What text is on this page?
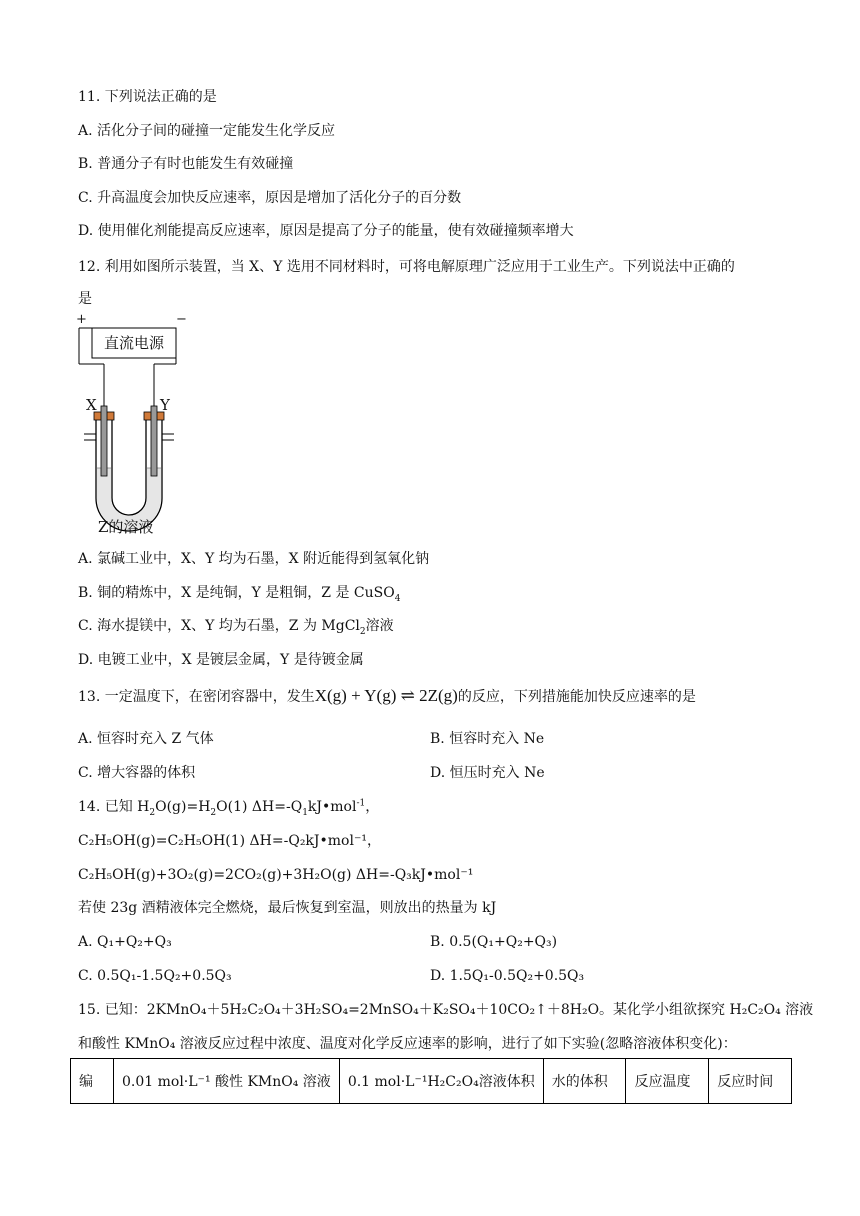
11. 下列说法正确的是
A. 活化分子间的碰撞一定能发生化学反应
B. 普通分子有时也能发生有效碰撞
C. 升高温度会加快反应速率，原因是增加了活化分子的百分数
D. 使用催化剂能提高反应速率，原因是提高了分子的能量，使有效碰撞频率增大
12. 利用如图所示装置，当 X、Y 选用不同材料时，可将电解原理广泛应用于工业生产。下列说法中正确的
是
直流电源
+	−
X	Y
Z的溶液
A. 氯碱工业中，X、Y 均为石墨，X 附近能得到氢氧化钠
B. 铜的精炼中，X 是纯铜，Y 是粗铜，Z 是 CuSO$_4$
C. 海水提镁中，X、Y 均为石墨，Z 为 MgCl$_2$溶液
D. 电镀工业中，X 是镀层金属，Y 是待镀金属
13. 一定温度下，在密闭容器中，发生X(g) + Y(g) ⇌ 2Z(g)的反应，下列措施能加快反应速率的是
A. 恒容时充入 Z 气体	B. 恒容时充入 Ne
C. 增大容器的体积	D. 恒压时充入 Ne
14. 已知 $H_2O(g)=H_2O(1)$ $\Delta H=-Q_1kJ•mol^{-1}$，
C₂H₅OH(g)=C₂H₅OH(1) ΔH=-Q₂kJ•mol⁻¹，
C₂H₅OH(g)+3O₂(g)=2CO₂(g)+3H₂O(g) ΔH=-Q₃kJ•mol⁻¹
若使 23g 酒精液体完全燃烧，最后恢复到室温，则放出的热量为 kJ
A. Q₁+Q₂+Q₃	B. 0.5(Q₁+Q₂+Q₃)
C. 0.5Q₁-1.5Q₂+0.5Q₃	D. 1.5Q₁-0.5Q₂+0.5Q₃
15. 已知：2KMnO₄＋5H₂C₂O₄＋3H₂SO₄=2MnSO₄＋K₂SO₄＋10CO₂↑＋8H₂O。某化学小组欲探究 H₂C₂O₄ 溶液
和酸性 KMnO₄ 溶液反应过程中浓度、温度对化学反应速率的影响，进行了如下实验(忽略溶液体积变化)：
编	0.01 mol·L⁻¹ 酸性 KMnO₄ 溶液	0.1 mol·L⁻¹H₂C₂O₄溶液体积	水的体积	反应温度	反应时间
